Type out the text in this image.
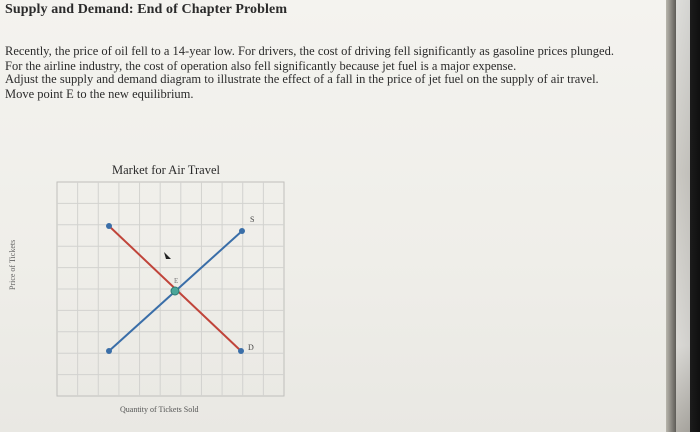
Supply and Demand: End of Chapter Problem

Recently, the price of oil fell to a 14-year low. For drivers, the cost of driving fell significantly as gasoline prices plunged. For the airline industry, the cost of operation also fell significantly because jet fuel is a major expense.

Adjust the supply and demand diagram to illustrate the effect of a fall in the price of jet fuel on the supply of air travel. Move point E to the new equilibrium.

Market for Air Travel
S
D
E
Price of Tickets
Quantity of Tickets Sold
